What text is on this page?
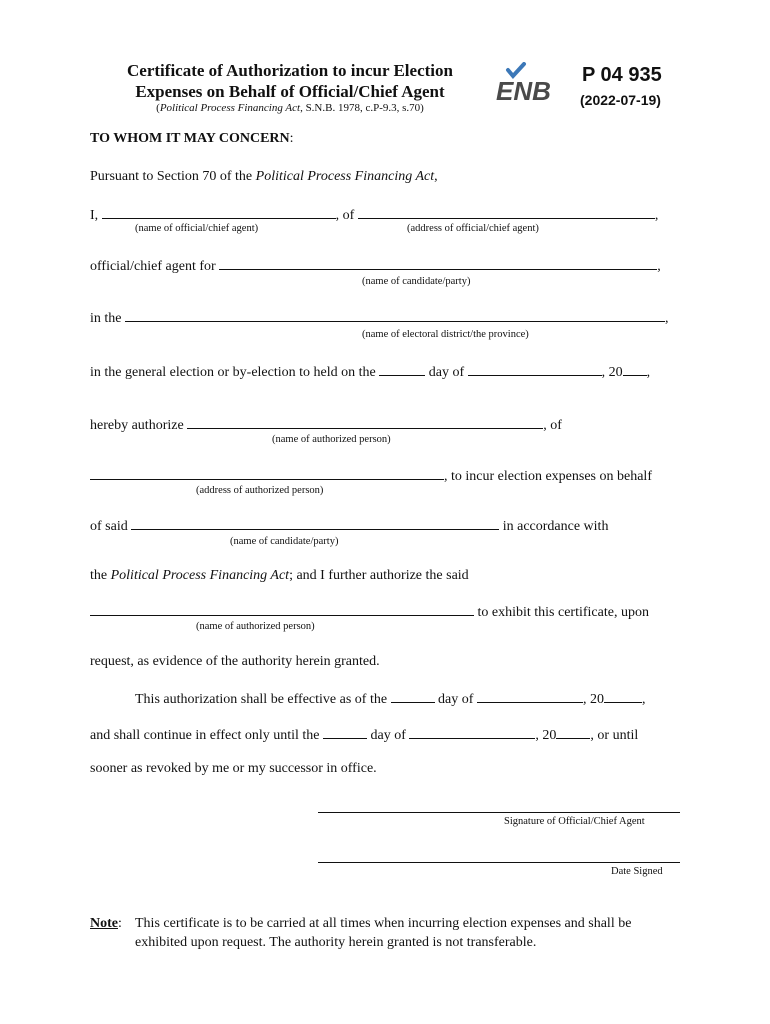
Certificate of Authorization to incur Election
Expenses on Behalf of Official/Chief Agent
(Political Process Financing Act, S.N.B. 1978, c.P-9.3, s.70)
ENB
P 04 935
(2022-07-19)
TO WHOM IT MAY CONCERN:
Pursuant to Section 70 of the Political Process Financing Act,
I,	, of	,
(name of official/chief agent)	(address of official/chief agent)
official/chief agent for	,
(name of candidate/party)
in the	,
(name of electoral district/the province)
in the general election or by-election to held on the	day of	, 20 ,
hereby authorize	, of
(name of authorized person)
, to incur election expenses on behalf
(address of authorized person)
of said	in accordance with
(name of candidate/party)
the Political Process Financing Act; and I further authorize the said
to exhibit this certificate, upon
(name of authorized person)
request, as evidence of the authority herein granted.
This authorization shall be effective as of the	day of	, 20	,
and shall continue in effect only until the	day of	, 20 , or until
sooner as revoked by me or my successor in office.
Signature of Official/Chief Agent
Date Signed
Note: This certificate is to be carried at all times when incurring election expenses and shall be
exhibited upon request. The authority herein granted is not transferable.
